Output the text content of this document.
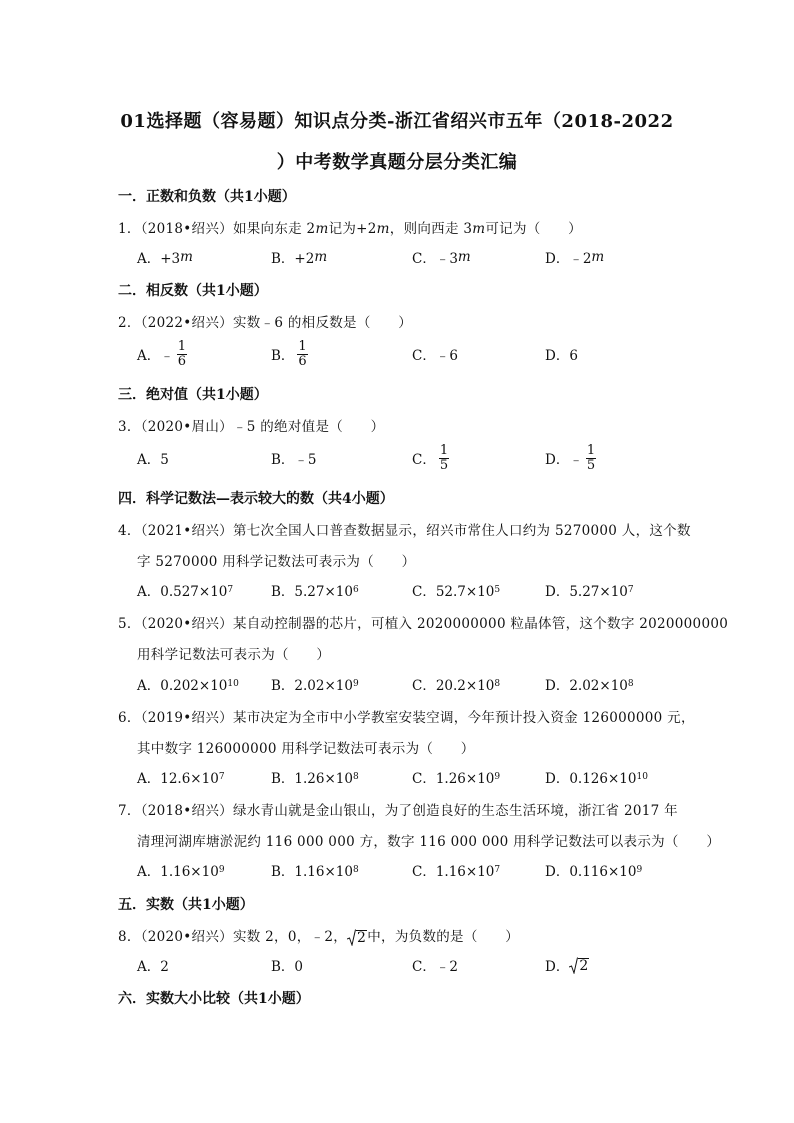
01选择题（容易题）知识点分类-浙江省绍兴市五年（2018-2022
）中考数学真题分层分类汇编
一．正数和负数（共1小题）
1．（2018•绍兴）如果向东走 2m记为+2m，则向西走 3m可记为（　　）
A．+3 m	B．+2 m	C．﹣3 m	D．﹣2 m
二．相反数（共1小题）
2．（2022•绍兴）实数﹣6 的相反数是（　　）
A． ﹣ $\frac{1}{6}$	B． $\frac{1}{6}$	C．﹣6	D．6
三．绝对值（共1小题）
3．（2020•眉山）﹣5 的绝对值是（　　）
A．5	B．﹣5	C． $\frac{1}{5}$	D．﹣ $\frac{1}{5}$
四．科学记数法—表示较大的数（共4小题）
4．（2021•绍兴）第七次全国人口普查数据显示，绍兴市常住人口约为 5270000 人，这个数
字 5270000 用科学记数法可表示为（　　）
A．0.527×10 7	B．5.27×10 6	C．52.7×10 5	D．5.27×10 7
5．（2020•绍兴）某自动控制器的芯片，可植入 2020000000 粒晶体管，这个数字 2020000000
用科学记数法可表示为（　　）
A．0.202×10 10 B．2.02×10 9	C．20.2×10 8	D．2.02×10 8
6．（2019•绍兴）某市决定为全市中小学教室安装空调，今年预计投入资金 126000000 元，
其中数字 126000000 用科学记数法可表示为（　　）
A．12.6×10 7	B．1.26×10 8	C．1.26×10 9	D．0.126×10 10
7．（2018•绍兴）绿水青山就是金山银山，为了创造良好的生态生活环境，浙江省 2017 年
清理河湖库塘淤泥约 116 000 000 方，数字 116 000 000 用科学记数法可以表示为（　　）
A．1.16×10 9	B．1.16×10 8	C．1.16×10 7	D．0.116×10 9
五．实数（共1小题）
8．（2020•绍兴）实数 2，0，﹣2， 2 中，为负数的是（　　）
A．2	B．0	C．﹣2	D． 2
六．实数大小比较（共1小题）
